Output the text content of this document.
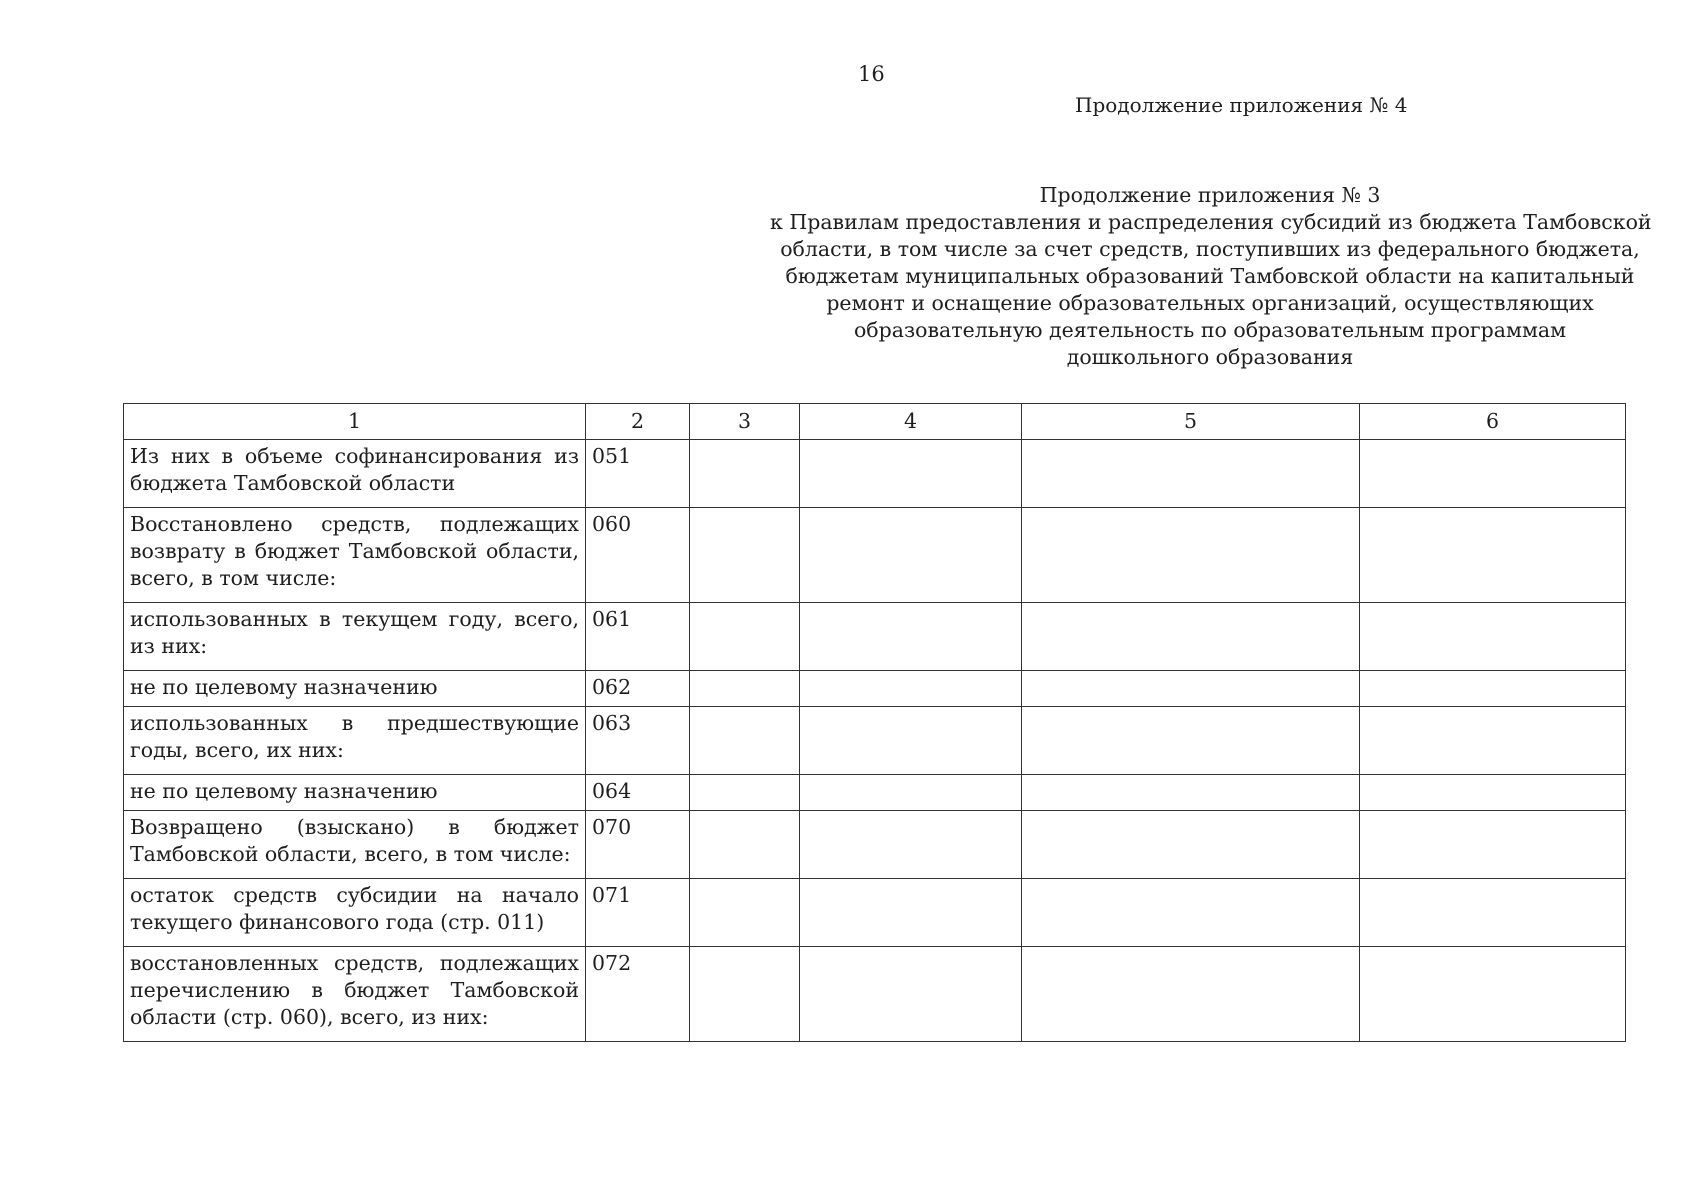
16
Продолжение приложения № 4
Продолжение приложения № 3
к Правилам предоставления и распределения субсидий из бюджета Тамбовской
области, в том числе за счет средств, поступивших из федерального бюджета,
бюджетам муниципальных образований Тамбовской области на капитальный
ремонт и оснащение образовательных организаций, осуществляющих
образовательную деятельность по образовательным программам
дошкольного образования
1	2	3	4	5	6
Из них в объеме софинансирования из бюджета Тамбовской области	051				
Восстановлено средств, подлежащих возврату в бюджет Тамбовской области, всего, в том числе:	060				
использованных в текущем году, всего, из них:	061				
не по целевому назначению	062				
использованных в предшествующие годы, всего, их них:	063				
не по целевому назначению	064				
Возвращено (взыскано) в бюджет Тамбовской области, всего, в том числе:	070				
остаток средств субсидии на начало текущего финансового года (стр. 011)	071				
восстановленных средств, подлежащих перечислению в бюджет Тамбовской области (стр. 060), всего, из них:	072				
